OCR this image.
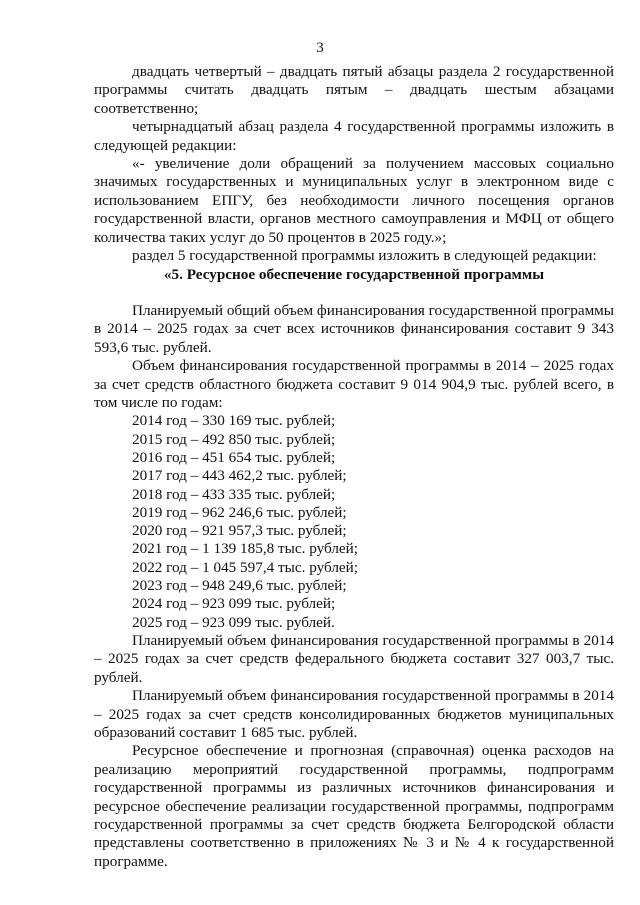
3

двадцать четвертый – двадцать пятый абзацы раздела 2 государственной программы считать двадцать пятым – двадцать шестым абзацами соответственно;

четырнадцатый абзац раздела 4 государственной программы изложить в следующей редакции:

«- увеличение доли обращений за получением массовых социально значимых государственных и муниципальных услуг в электронном виде с использованием ЕПГУ, без необходимости личного посещения органов государственной власти, органов местного самоуправления и МФЦ от общего количества таких услуг до 50 процентов в 2025 году.»;

раздел 5 государственной программы изложить в следующей редакции:

«5. Ресурсное обеспечение государственной программы

Планируемый общий объем финансирования государственной программы в 2014 – 2025 годах за счет всех источников финансирования составит 9 343 593,6 тыс. рублей.

Объем финансирования государственной программы в 2014 – 2025 годах за счет средств областного бюджета составит 9 014 904,9 тыс. рублей всего, в том числе по годам:

2014 год – 330 169 тыс. рублей;
2015 год – 492 850 тыс. рублей;
2016 год – 451 654 тыс. рублей;
2017 год – 443 462,2 тыс. рублей;
2018 год – 433 335 тыс. рублей;
2019 год – 962 246,6 тыс. рублей;
2020 год – 921 957,3 тыс. рублей;
2021 год – 1 139 185,8 тыс. рублей;
2022 год – 1 045 597,4 тыс. рублей;
2023 год – 948 249,6 тыс. рублей;
2024 год – 923 099 тыс. рублей;
2025 год – 923 099 тыс. рублей.

Планируемый объем финансирования государственной программы в 2014 – 2025 годах за счет средств федерального бюджета составит 327 003,7 тыс. рублей.

Планируемый объем финансирования государственной программы в 2014 – 2025 годах за счет средств консолидированных бюджетов муниципальных образований составит 1 685 тыс. рублей.

Ресурсное обеспечение и прогнозная (справочная) оценка расходов на реализацию мероприятий государственной программы, подпрограмм государственной программы из различных источников финансирования и ресурсное обеспечение реализации государственной программы, подпрограмм государственной программы за счет средств бюджета Белгородской области представлены соответственно в приложениях № 3 и № 4 к государственной программе.
